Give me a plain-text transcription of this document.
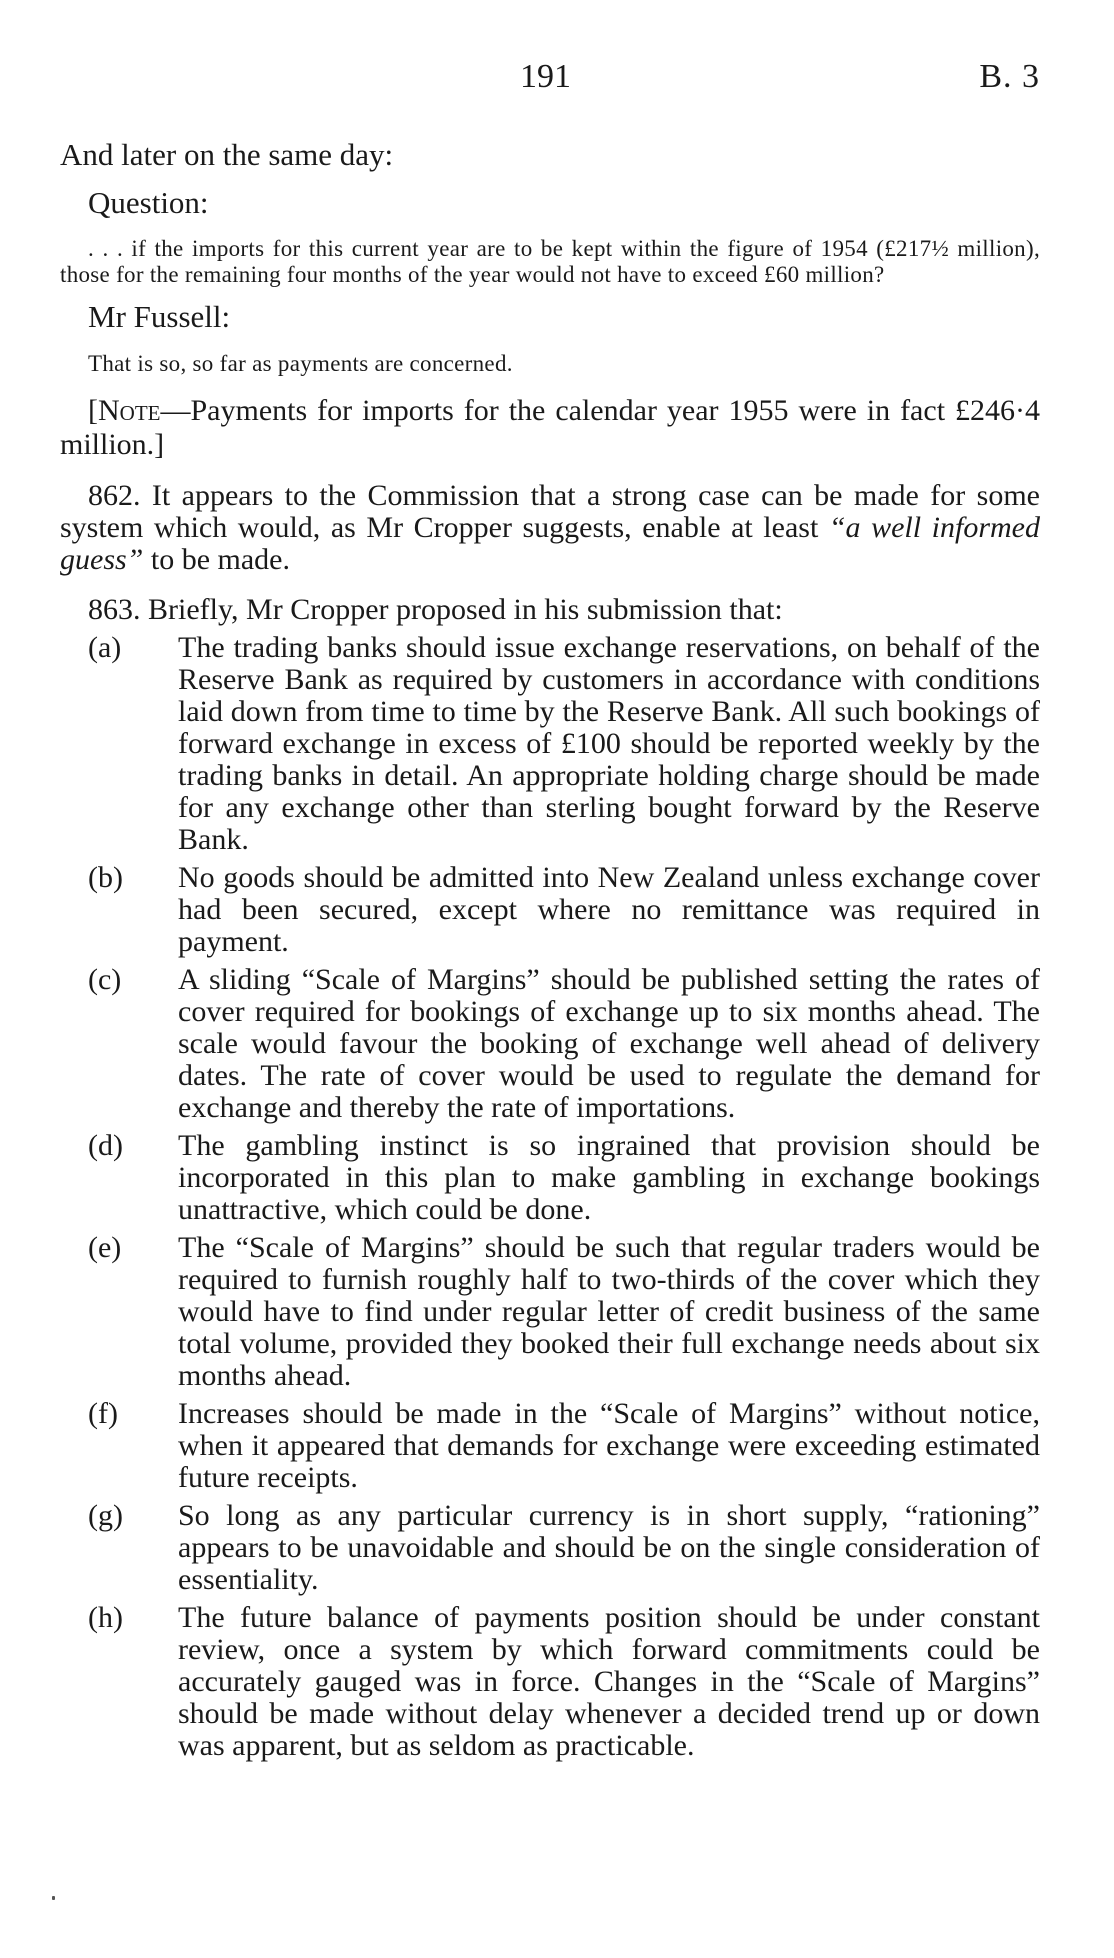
191	B. 3

And later on the same day:

Question:

. . . if the imports for this current year are to be kept within the figure of 1954 (£217½ million), those for the remaining four months of the year would not have to exceed £60 million?

Mr Fussell:

That is so, so far as payments are concerned.

[Note—Payments for imports for the calendar year 1955 were in fact £246·4 million.]

862. It appears to the Commission that a strong case can be made for some system which would, as Mr Cropper suggests, enable at least “a well informed guess” to be made.

863. Briefly, Mr Cropper proposed in his submission that:

(a) The trading banks should issue exchange reservations, on behalf of the Reserve Bank as required by customers in accordance with conditions laid down from time to time by the Reserve Bank. All such bookings of forward exchange in excess of £100 should be reported weekly by the trading banks in detail. An appropriate holding charge should be made for any exchange other than sterling bought forward by the Reserve Bank.
(b) No goods should be admitted into New Zealand unless exchange cover had been secured, except where no remittance was required in payment.
(c) A sliding “Scale of Margins” should be published setting the rates of cover required for bookings of exchange up to six months ahead. The scale would favour the booking of exchange well ahead of delivery dates. The rate of cover would be used to regulate the demand for exchange and thereby the rate of importations.
(d) The gambling instinct is so ingrained that provision should be incorporated in this plan to make gambling in exchange bookings unattractive, which could be done.
(e) The “Scale of Margins” should be such that regular traders would be required to furnish roughly half to two-thirds of the cover which they would have to find under regular letter of credit business of the same total volume, provided they booked their full exchange needs about six months ahead.
(f) Increases should be made in the “Scale of Margins” without notice, when it appeared that demands for exchange were exceeding estimated future receipts.
(g) So long as any particular currency is in short supply, “rationing” appears to be unavoidable and should be on the single consideration of essentiality.
(h) The future balance of payments position should be under constant review, once a system by which forward commitments could be accurately gauged was in force. Changes in the “Scale of Margins” should be made without delay whenever a decided trend up or down was apparent, but as seldom as practicable.
